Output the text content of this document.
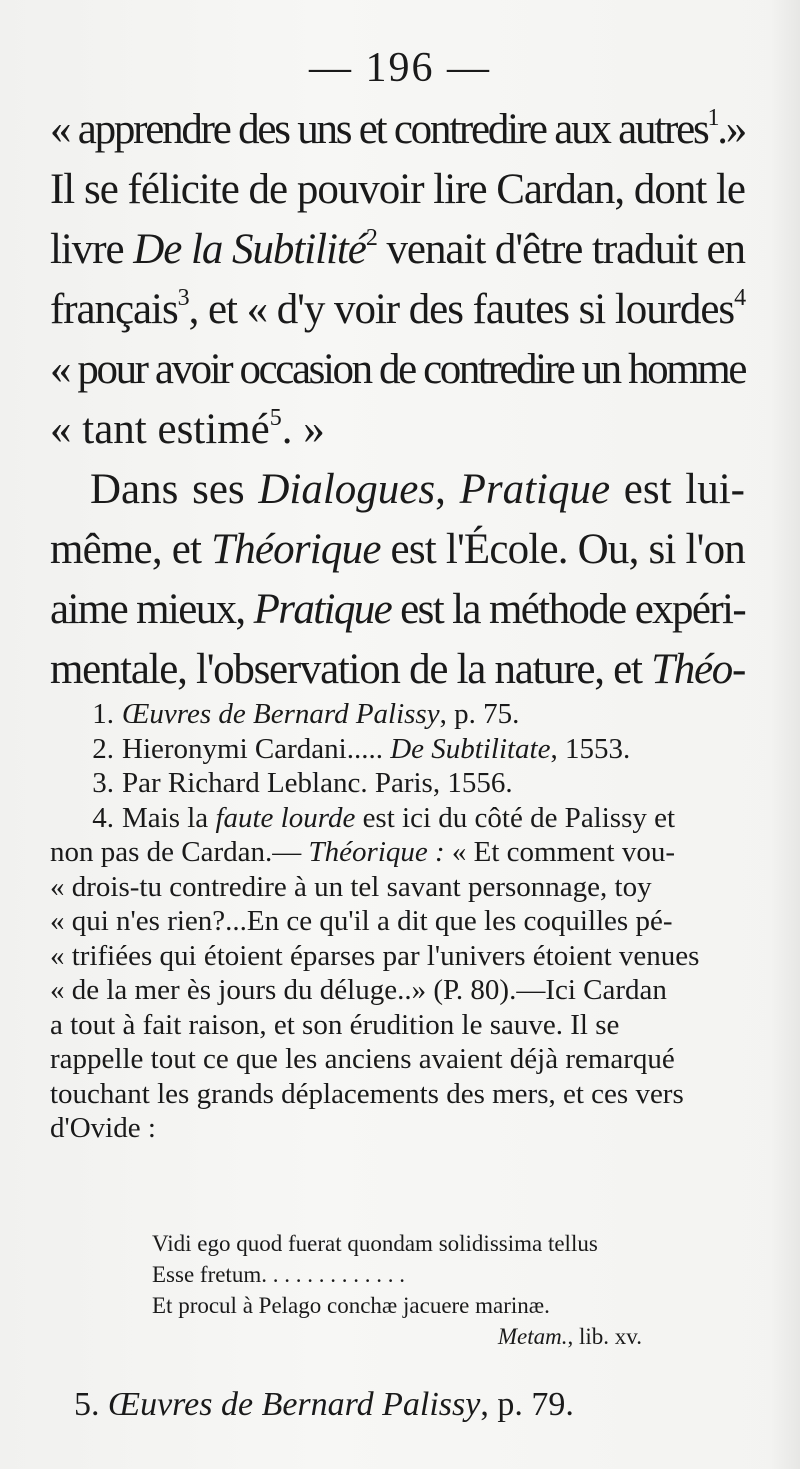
— 196 —
« apprendre des uns et contredire aux autres$^1$.»
Il se félicite de pouvoir lire Cardan, dont le
livre De la Subtilité$^2$ venait d'être traduit en
français$^3$, et « d'y voir des fautes si lourdes$^4$
« pour avoir occasion de contredire un homme
« tant estimé$^5$. »
Dans ses Dialogues, Pratique est lui-
même, et Théorique est l'École. Ou, si l'on
aime mieux, Pratique est la méthode expéri-
mentale, l'observation de la nature, et Théo-
1. Œuvres de Bernard Palissy, p. 75.
2. Hieronymi Cardani..... De Subtilitate, 1553.
3. Par Richard Leblanc. Paris, 1556.
4. Mais la faute lourde est ici du côté de Palissy et
non pas de Cardan.— Théorique : « Et comment vou-
« drois-tu contredire à un tel savant personnage, toy
« qui n'es rien?...En ce qu'il a dit que les coquilles pé-
« trifiées qui étoient éparses par l'univers étoient venues
« de la mer ès jours du déluge..» (P. 80).—Ici Cardan
a tout à fait raison, et son érudition le sauve. Il se
rappelle tout ce que les anciens avaient déjà remarqué
touchant les grands déplacements des mers, et ces vers
d'Ovide :
Vidi ego quod fuerat quondam solidissima tellus
Esse fretum. . . . . . . . . . . . .
Et procul à Pelago conchæ jacuere marinæ.
Metam., lib. xv.
5. Œuvres de Bernard Palissy, p. 79.
